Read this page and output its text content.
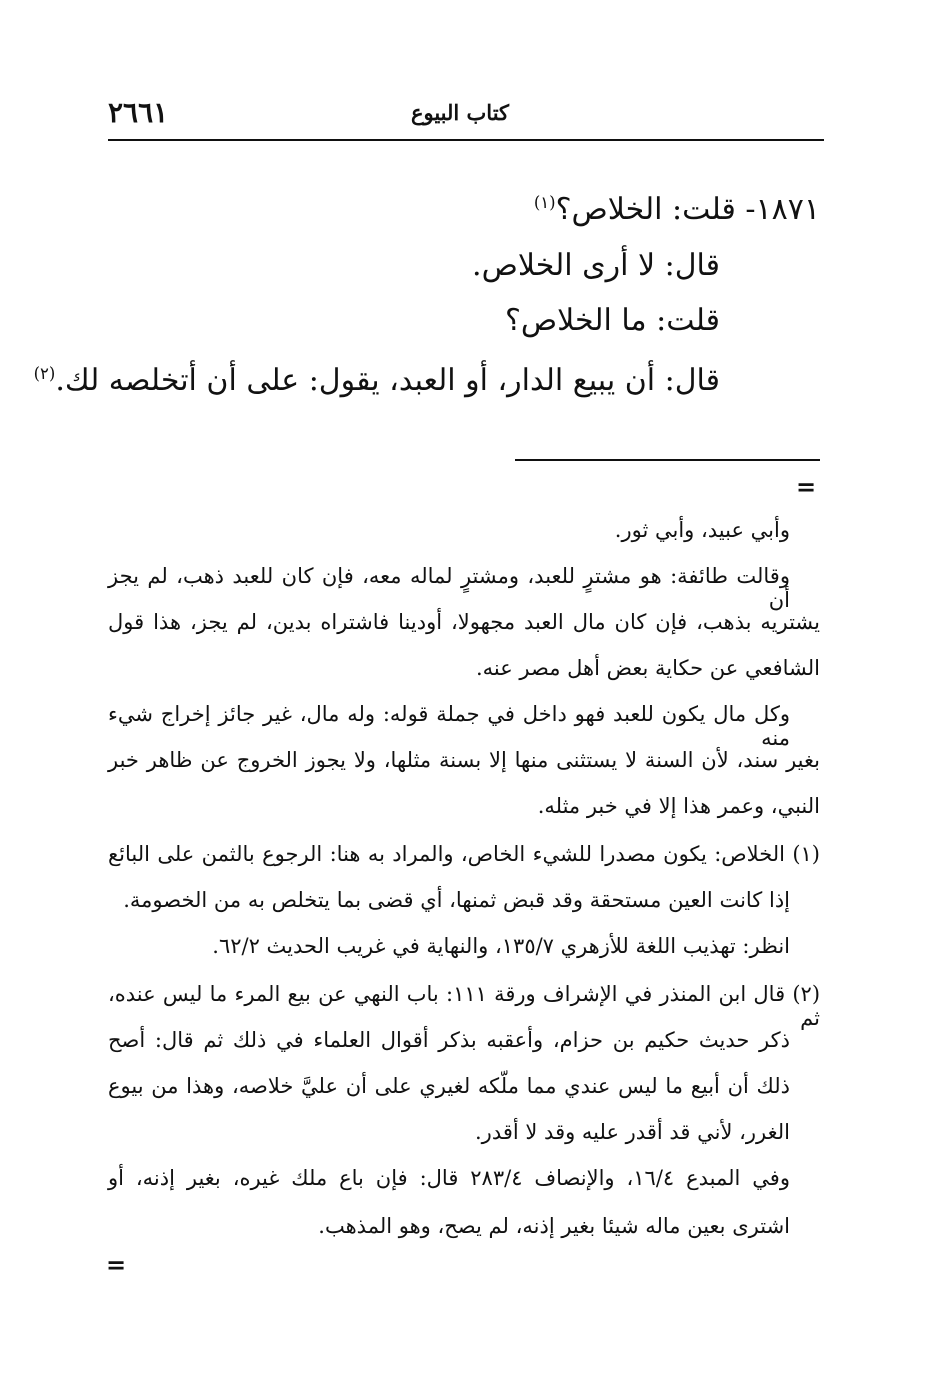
كتاب البيوع
٢٦٦١
١٨٧١- قلت: الخلاص؟$^{(١)}$
قال: لا أرى الخلاص.
قلت: ما الخلاص؟
قال: أن يبيع الدار، أو العبد، يقول: على أن أتخلصه لك.$^{(٢)}$
=
وأبي عبيد، وأبي ثور.
وقالت طائفة: هو مشترٍ للعبد، ومشترٍ لماله معه، فإن كان للعبد ذهب، لم يجز أن
يشتريه بذهب، فإن كان مال العبد مجهولا، أودينا فاشتراه بدين، لم يجز، هذا قول
الشافعي عن حكاية بعض أهل مصر عنه.
وكل مال يكون للعبد فهو داخل في جملة قوله: وله مال، غير جائز إخراج شيء منه
بغير سند، لأن السنة لا يستثنى منها إلا بسنة مثلها، ولا يجوز الخروج عن ظاهر خبر
النبي، وعمر هذا إلا في خبر مثله.
(١) الخلاص: يكون مصدرا للشيء الخاص، والمراد به هنا: الرجوع بالثمن على البائع
إذا كانت العين مستحقة وقد قبض ثمنها، أي قضى بما يتخلص به من الخصومة.
انظر: تهذيب اللغة للأزهري ١٣٥/٧، والنهاية في غريب الحديث ٦٢/٢.
(٢) قال ابن المنذر في الإشراف ورقة ١١١: باب النهي عن بيع المرء ما ليس عنده، ثم
ذكر حديث حكيم بن حزام، وأعقبه بذكر أقوال العلماء في ذلك ثم قال: أصح
ذلك أن أبيع ما ليس عندي مما ملّكه لغيري على أن عليَّ خلاصه، وهذا من بيوع
الغرر، لأني قد أقدر عليه وقد لا أقدر.
وفي المبدع ١٦/٤، والإنصاف ٢٨٣/٤ قال: فإن باع ملك غيره، بغير إذنه، أو
اشترى بعين ماله شيئا بغير إذنه، لم يصح، وهو المذهب.
=
